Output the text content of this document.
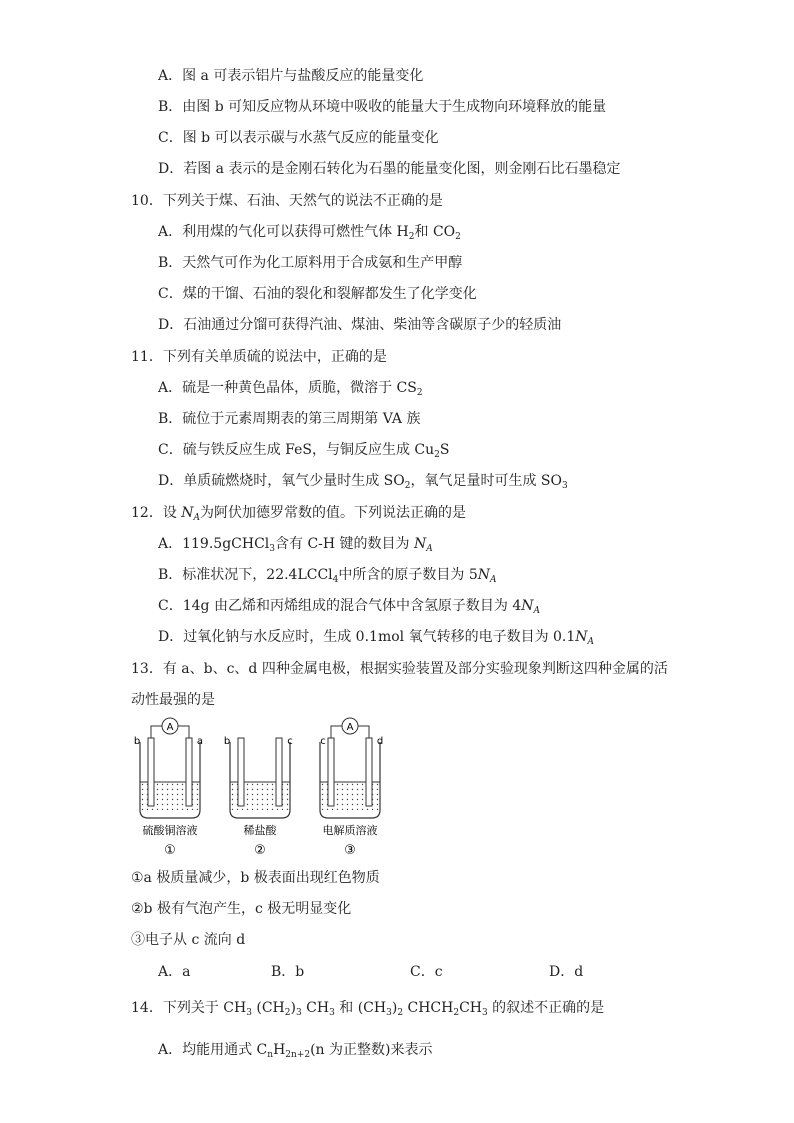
A．图 a 可表示铝片与盐酸反应的能量变化
B．由图 b 可知反应物从环境中吸收的能量大于生成物向环境释放的能量
C．图 b 可以表示碳与水蒸气反应的能量变化
D．若图 a 表示的是金刚石转化为石墨的能量变化图，则金刚石比石墨稳定
10．下列关于煤、石油、天然气的说法不正确的是
A．利用煤的气化可以获得可燃性气体 $H_2$和 $CO_2$
B．天然气可作为化工原料用于合成氨和生产甲醇
C．煤的干馏、石油的裂化和裂解都发生了化学变化
D．石油通过分馏可获得汽油、煤油、柴油等含碳原子少的轻质油
11．下列有关单质硫的说法中，正确的是
A．硫是一种黄色晶体，质脆，微溶于 $CS_2$
B．硫位于元素周期表的第三周期第 VA 族
C．硫与铁反应生成 FeS，与铜反应生成 $Cu_2S$
D．单质硫燃烧时，氧气少量时生成 $SO_2$，氧气足量时可生成 $SO_3$
12．设 $N_A$为阿伏加德罗常数的值。下列说法正确的是
A．119.5gCHCl$_3$含有 C-H 键的数目为 $N_A$
B．标准状况下，22.4LCCl$_4$中所含的原子数目为 $5N_A$
C．14g 由乙烯和丙烯组成的混合气体中含氢原子数目为 $4N_A$
D．过氧化钠与水反应时，生成 0.1mol 氧气转移的电子数目为 $0.1N_A$
13．有 a、b、c、d 四种金属电极，根据实验装置及部分实验现象判断这四种金属的活
动性最强的是
A
b	a
硫酸铜溶液
①
b	c
稀盐酸
②
A
c	d
电解质溶液
③
①a 极质量减少，b 极表面出现红色物质
②b 极有气泡产生，c 极无明显变化
③电子从 c 流向 d
A．a	B．b	C．c	D．d
14．下列关于 $CH_3$ $(CH_2)_3$ $CH_3$ 和 $(CH_3)_2$ $CHCH_2CH_3$ 的叙述不正确的是
A．均能用通式 $C_nH_{2n+2}(n$ 为正整数)来表示
